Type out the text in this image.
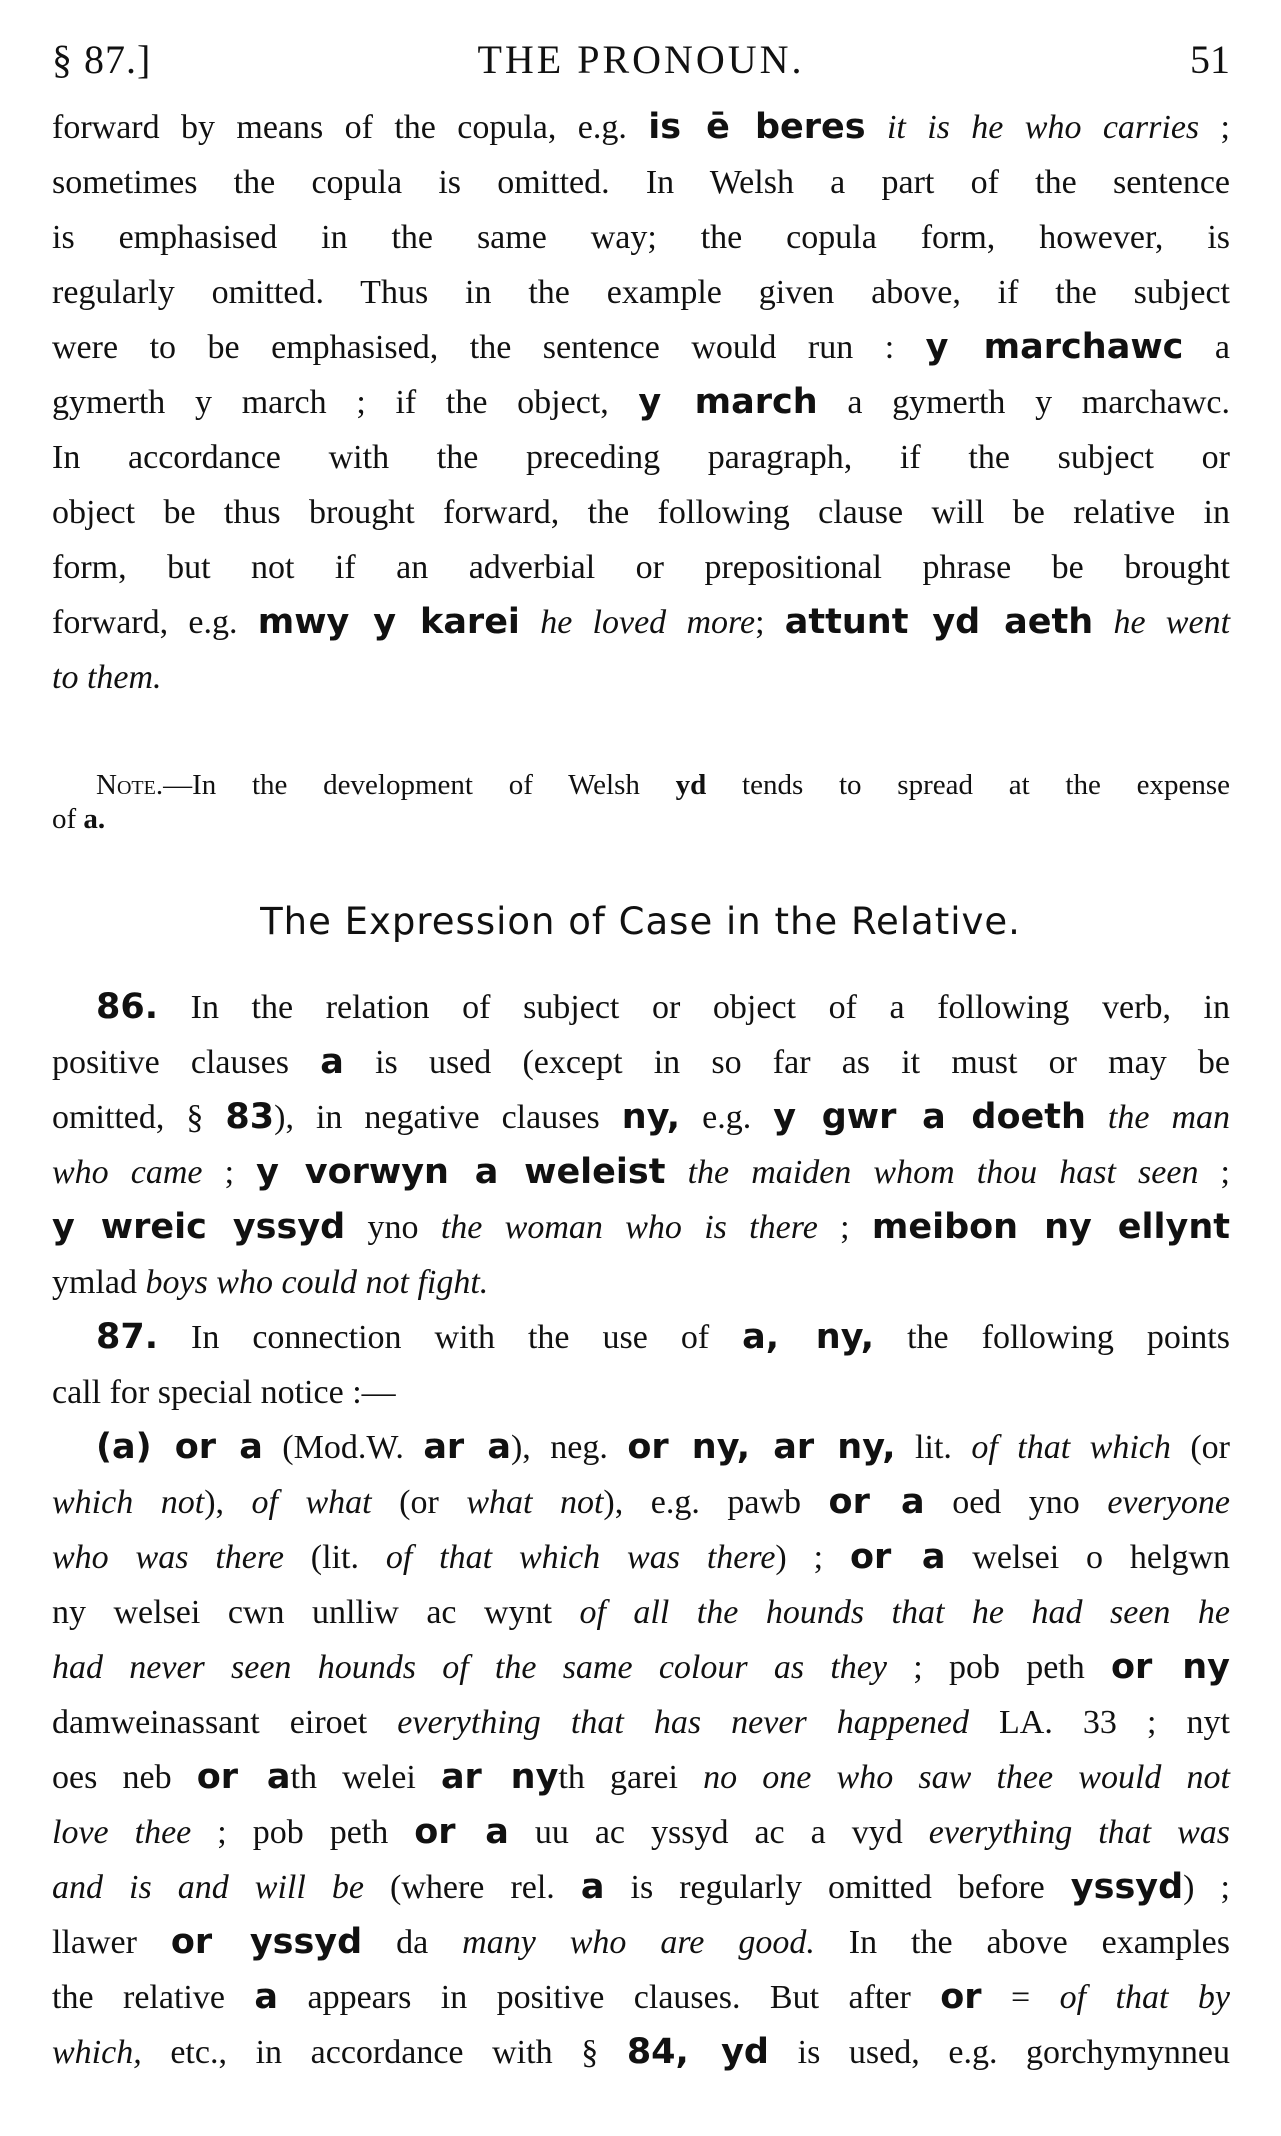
§ 87.]	THE PRONOUN.	51
forward by means of the copula, e.g. is ē beres it is he who carries ;
sometimes the copula is omitted. In Welsh a part of the sentence
is emphasised in the same way; the copula form, however, is
regularly omitted. Thus in the example given above, if the subject
were to be emphasised, the sentence would run : y marchawc a
gymerth y march ; if the object, y march a gymerth y marchawc.
In accordance with the preceding paragraph, if the subject or
object be thus brought forward, the following clause will be relative in
form, but not if an adverbial or prepositional phrase be brought
forward, e.g. mwy y karei he loved more; attunt yd aeth he went
to them.
Note.—In the development of Welsh yd tends to spread at the expense
of a.
The Expression of Case in the Relative.
86. In the relation of subject or object of a following verb, in
positive clauses a is used (except in so far as it must or may be
omitted, § 83), in negative clauses ny, e.g. y gwr a doeth the man
who came ; y vorwyn a weleist the maiden whom thou hast seen ;
y wreic yssyd yno the woman who is there ; meibon ny ellynt
ymlad boys who could not fight.
87. In connection with the use of a, ny, the following points
call for special notice :—
(a) or a (Mod.W. ar a), neg. or ny, ar ny, lit. of that which (or
which not), of what (or what not), e.g. pawb or a oed yno everyone
who was there (lit. of that which was there) ; or a welsei o helgwn
ny welsei cwn unlliw ac wynt of all the hounds that he had seen he
had never seen hounds of the same colour as they ; pob peth or ny
damweinassant eiroet everything that has never happened LA. 33 ; nyt
oes neb or ath welei ar nyth garei no one who saw thee would not
love thee ; pob peth or a uu ac yssyd ac a vyd everything that was
and is and will be (where rel. a is regularly omitted before yssyd) ;
llawer or yssyd da many who are good. In the above examples
the relative a appears in positive clauses. But after or = of that by
which, etc., in accordance with § 84, yd is used, e.g. gorchymynneu
